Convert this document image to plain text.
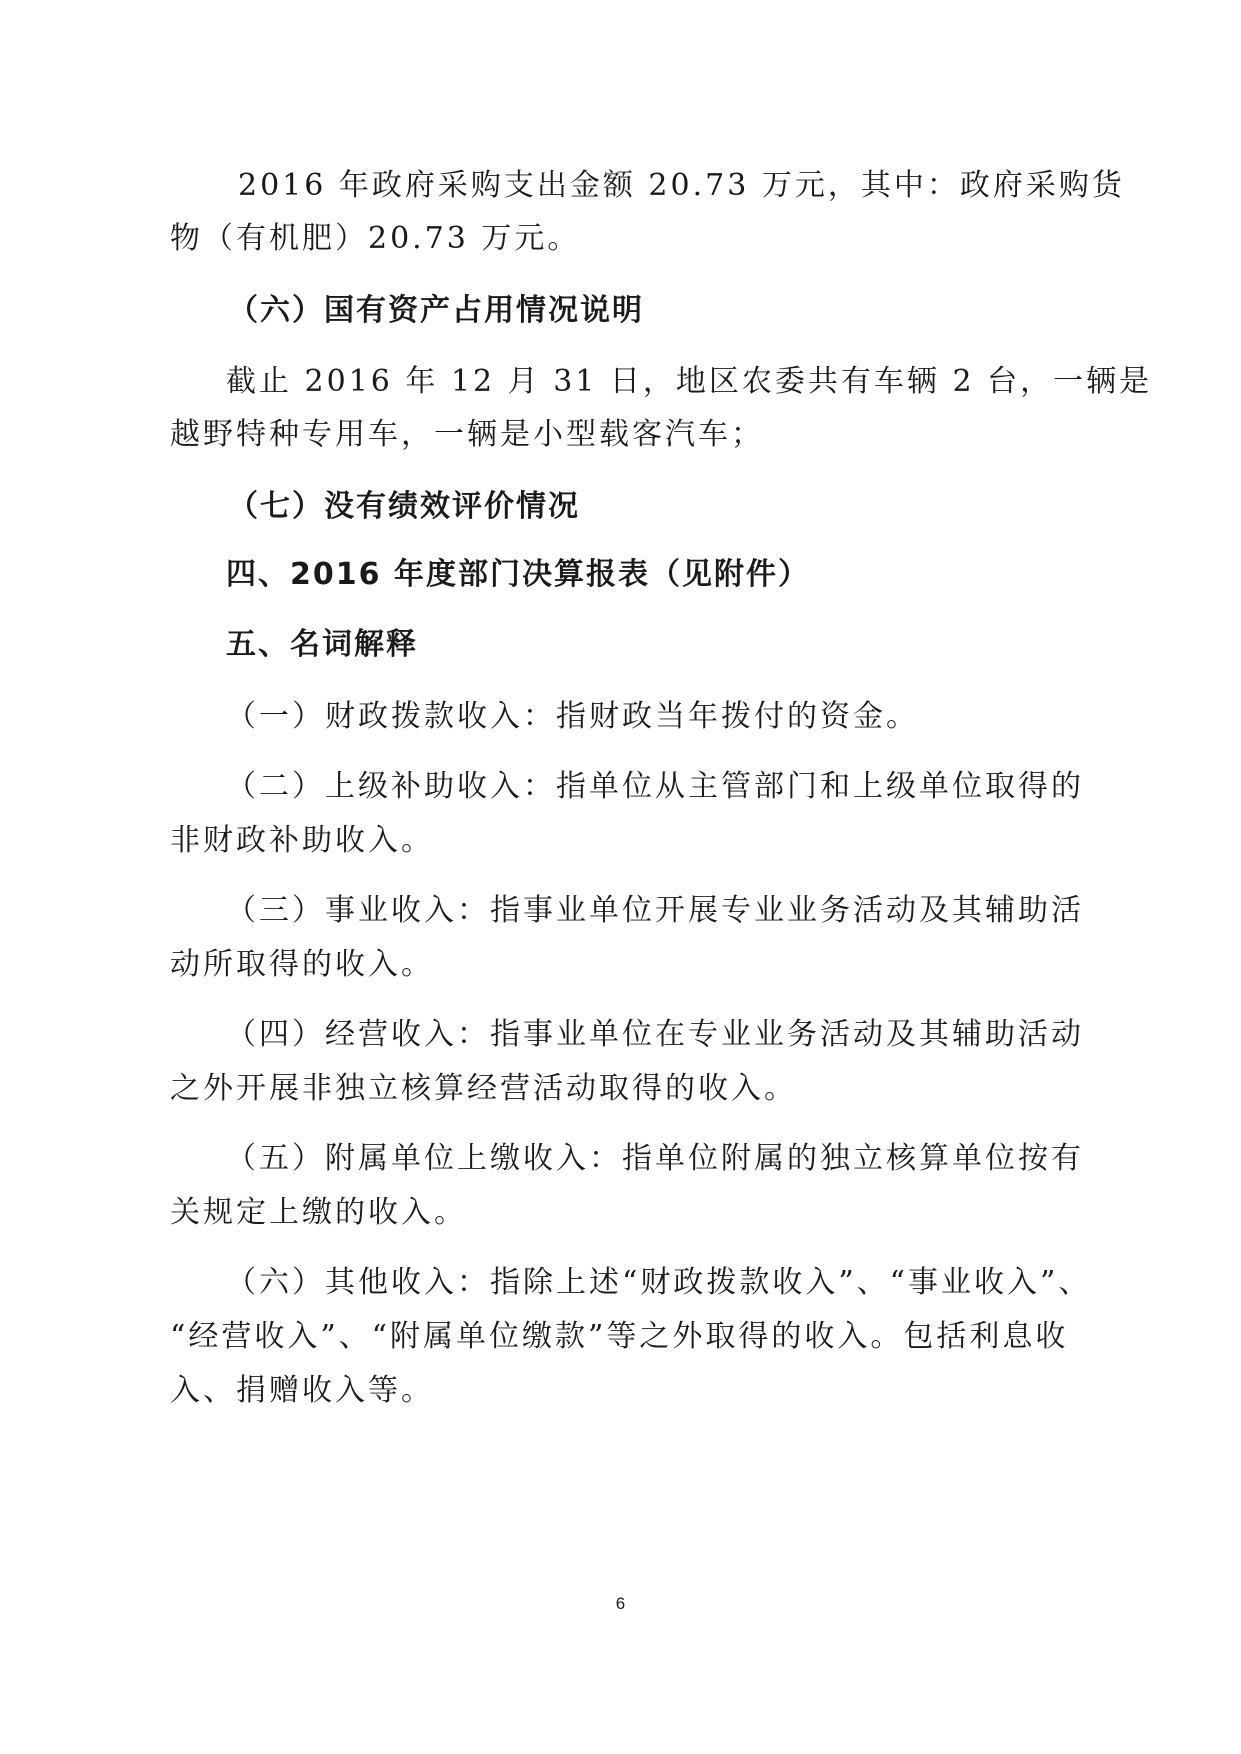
2016 年政府采购支出金额 20.73 万元，其中：政府采购货
物（有机肥）20.73 万元。
（六）国有资产占用情况说明
截止 2016 年 12 月 31 日，地区农委共有车辆 2 台，一辆是
越野特种专用车，一辆是小型载客汽车；
（七）没有绩效评价情况
四、2016 年度部门决算报表（见附件）
五、名词解释
（一）财政拨款收入：指财政当年拨付的资金。
（二）上级补助收入：指单位从主管部门和上级单位取得的
非财政补助收入。
（三）事业收入：指事业单位开展专业业务活动及其辅助活
动所取得的收入。
（四）经营收入：指事业单位在专业业务活动及其辅助活动
之外开展非独立核算经营活动取得的收入。
（五）附属单位上缴收入：指单位附属的独立核算单位按有
关规定上缴的收入。
（六）其他收入：指除上述“财政拨款收入”、“事业收入”、
“经营收入”、“附属单位缴款”等之外取得的收入。包括利息收
入、捐赠收入等。
6
